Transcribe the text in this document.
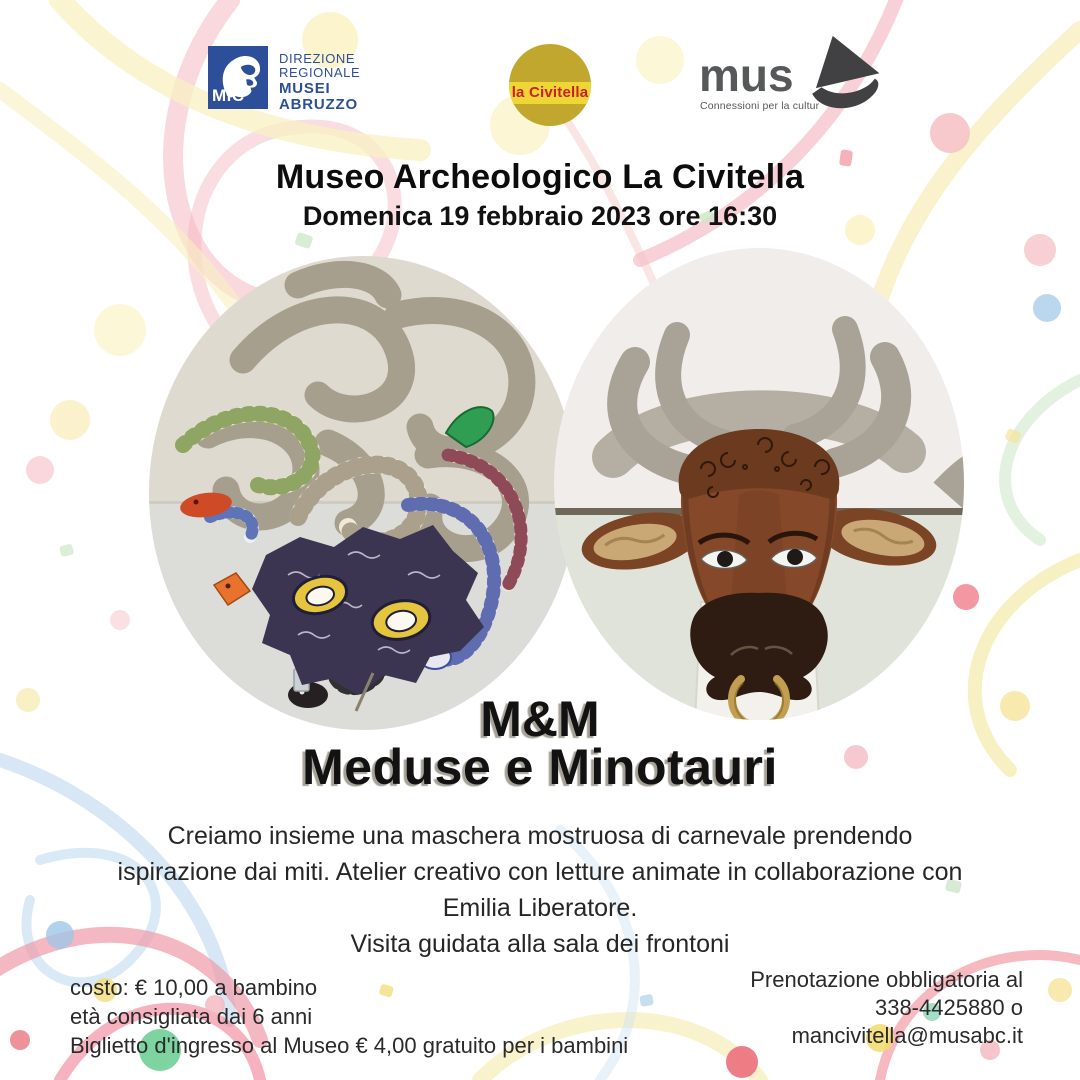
MiC
DIREZIONE
REGIONALE
MUSEI
ABRUZZO
la Civitella mus
Connessioni per la cultur
Museo Archeologico La Civitella
Domenica 19 febbraio 2023 ore 16:30
M&M
Meduse e Minotauri
Creiamo insieme una maschera mostruosa di carnevale prendendo
ispirazione dai miti. Atelier creativo con letture animate in collaborazione con
Emilia Liberatore.
Visita guidata alla sala dei frontoni
costo: € 10,00 a bambino
età consigliata dai 6 anni
Biglietto d'ingresso al Museo € 4,00 gratuito per i bambini
Prenotazione obbligatoria al
338-4425880 o
mancivitella@musabc.it
